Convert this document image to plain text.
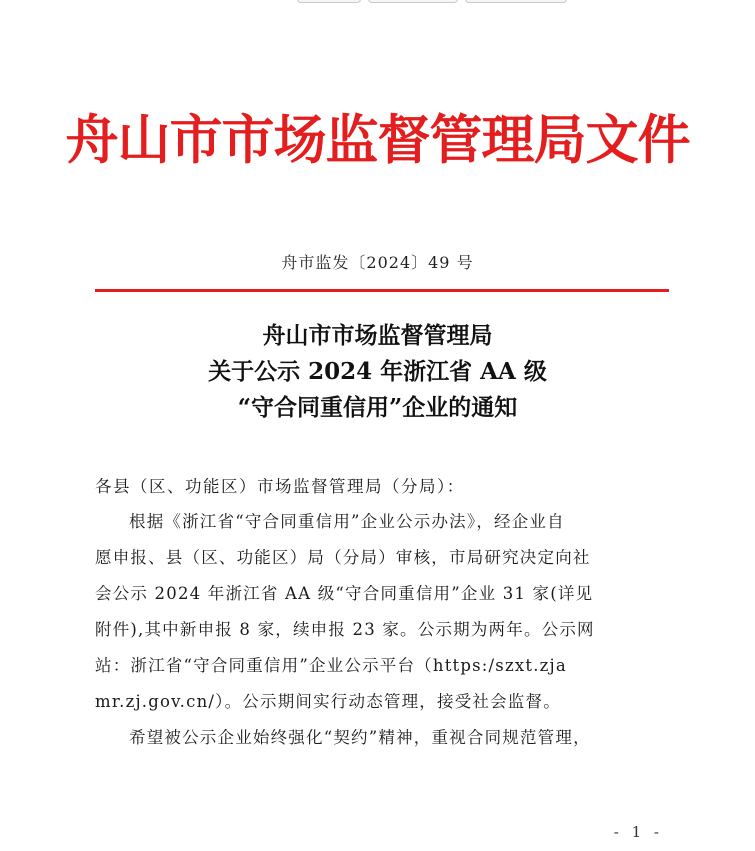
舟山市市场监督管理局文件
舟市监发〔2024〕49 号
舟山市市场监督管理局
关于公示 2024 年浙江省 AA 级
“守合同重信用”企业的通知
各县（区、功能区）市场监督管理局（分局）：
根据《浙江省“守合同重信用”企业公示办法》，经企业自
愿申报、县（区、功能区）局（分局）审核，市局研究决定向社
会公示 2024 年浙江省 AA 级“守合同重信用”企业 31 家(详见
附件),其中新申报 8 家，续申报 23 家。公示期为两年。公示网
站：浙江省“守合同重信用”企业公示平台（https:/szxt.zja
mr.zj.gov.cn/）。公示期间实行动态管理，接受社会监督。
希望被公示企业始终强化“契约”精神，重视合同规范管理，
- 1 -
